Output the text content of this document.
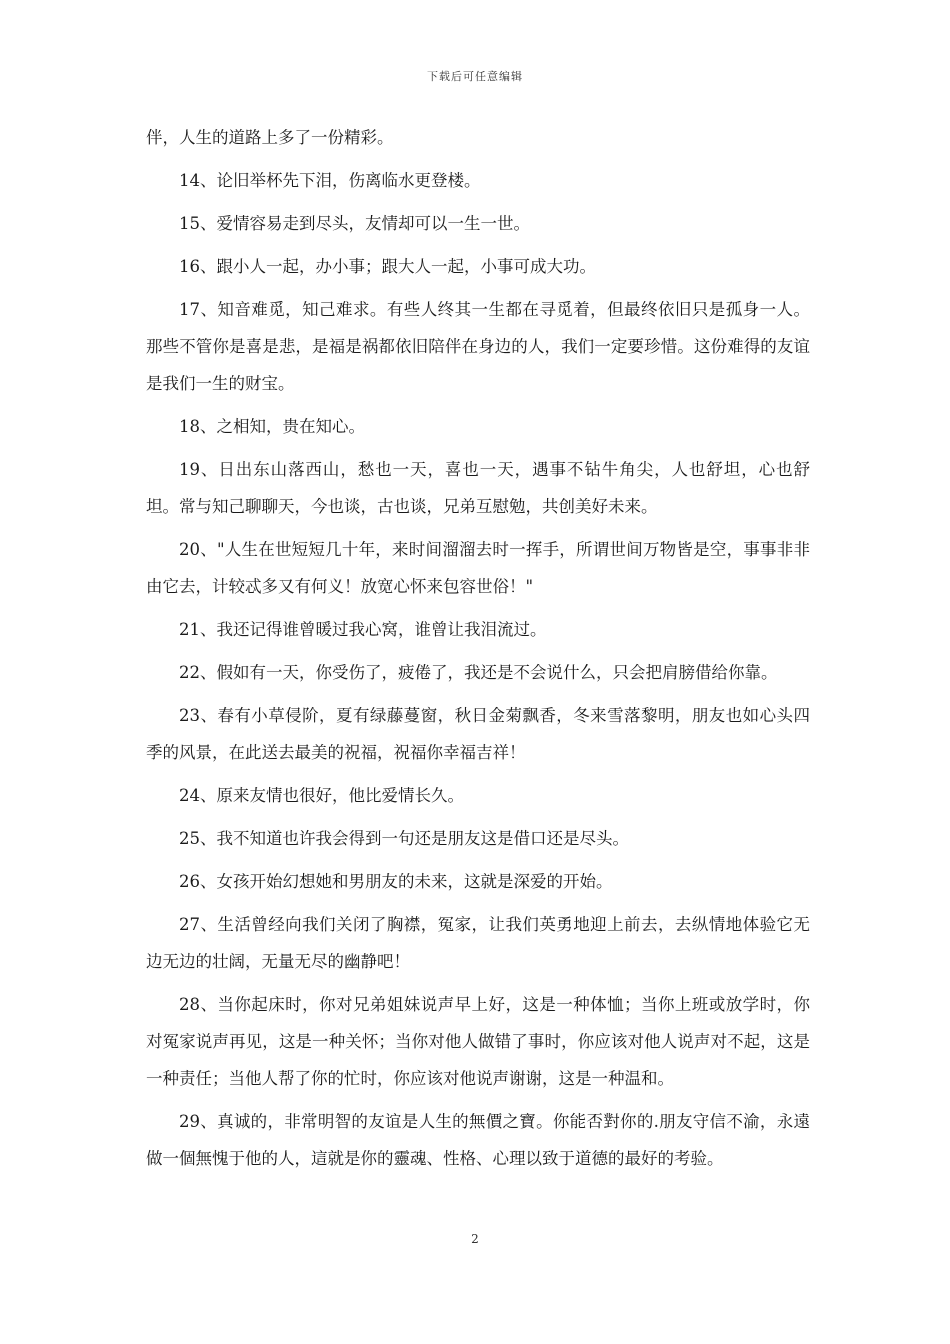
下载后可任意编辑

伴，人生的道路上多了一份精彩。

14、论旧举杯先下泪，伤离临水更登楼。

15、爱情容易走到尽头，友情却可以一生一世。

16、跟小人一起，办小事；跟大人一起，小事可成大功。

17、知音难觅，知己难求。有些人终其一生都在寻觅着，但最终依旧只是孤身一人。那些不管你是喜是悲，是福是祸都依旧陪伴在身边的人，我们一定要珍惜。这份难得的友谊是我们一生的财宝。

18、之相知，贵在知心。

19、日出东山落西山，愁也一天，喜也一天，遇事不钻牛角尖，人也舒坦，心也舒坦。常与知己聊聊天，今也谈，古也谈，兄弟互慰勉，共创美好未来。

20、"人生在世短短几十年，来时间溜溜去时一挥手，所谓世间万物皆是空，事事非非由它去，计较忒多又有何义！放宽心怀来包容世俗！"

21、我还记得谁曾暖过我心窝，谁曾让我泪流过。

22、假如有一天，你受伤了，疲倦了，我还是不会说什么，只会把肩膀借给你靠。

23、春有小草侵阶，夏有绿藤蔓窗，秋日金菊飘香，冬来雪落黎明，朋友也如心头四季的风景，在此送去最美的祝福，祝福你幸福吉祥！

24、原来友情也很好，他比爱情长久。

25、我不知道也许我会得到一句还是朋友这是借口还是尽头。

26、女孩开始幻想她和男朋友的未来，这就是深爱的开始。

27、生活曾经向我们关闭了胸襟，冤家，让我们英勇地迎上前去，去纵情地体验它无边无边的壮阔，无量无尽的幽静吧！

28、当你起床时，你对兄弟姐妹说声早上好，这是一种体恤；当你上班或放学时，你对冤家说声再见，这是一种关怀；当你对他人做错了事时，你应该对他人说声对不起，这是一种责任；当他人帮了你的忙时，你应该对他说声谢谢，这是一种温和。

29、真诚的，非常明智的友谊是人生的無價之寶。你能否對你的.朋友守信不渝，永遠做一個無愧于他的人，這就是你的靈魂、性格、心理以致于道德的最好的考验。

2
